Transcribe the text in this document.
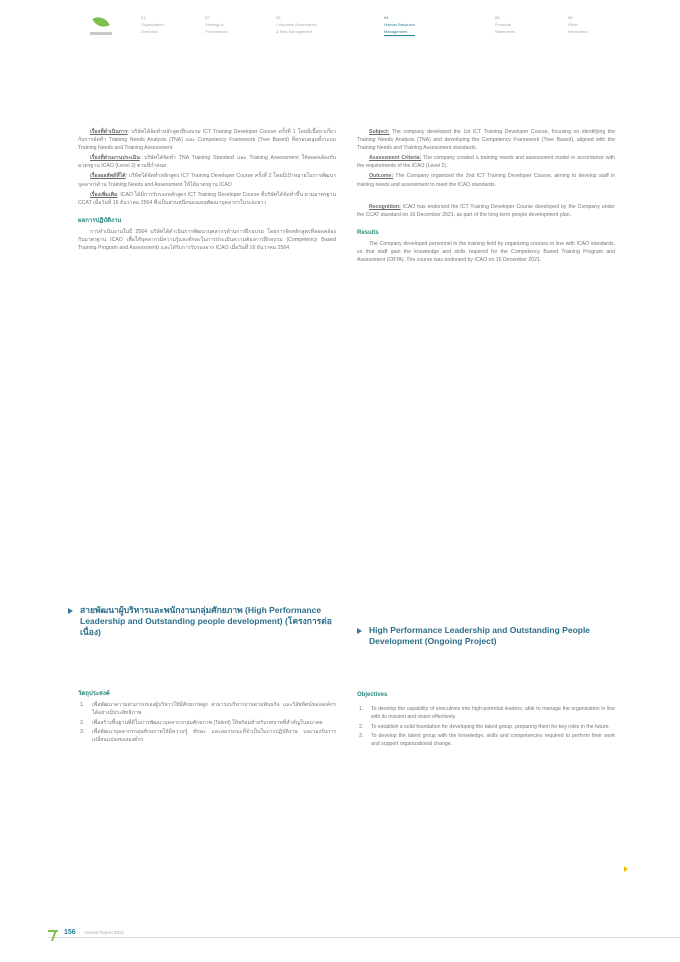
01
Organization
Overview
02
Strategy &
Performance
03
Corporate Governance
& Risk Management
04
Human Resource
Management
05
Financial
Statements
06
Other
Information

เรื่องที่ดำเนินการ: บริษัทได้จัดทำหลักสูตรฝึกอบรม ICT Training Developer Course ครั้งที่ 1 โดยมีเนื้อหาเกี่ยวกับการจัดทำ Training Needs Analysis (TNA) และ Competency Framework (Tree Based) ที่ครอบคลุมทั้งระบบ Training Needs and Training Assessment

เรื่องที่ส่วนงานประเมิน: บริษัทได้จัดทำ TNA Training Standard และ Training Assessment ให้สอดคล้องกับมาตรฐาน ICAO (Level 2) ตามที่กำหนด

เรื่องผลลัพธ์ที่ได้: บริษัทได้จัดทำหลักสูตร ICT Training Developer Course ครั้งที่ 2 โดยมีเป้าหมายในการพัฒนาบุคลากรด้าน Training Needs and Assessment ให้ได้มาตรฐาน ICAO

เรื่องเพิ่มเติม: ICAO ได้มีการรับรองหลักสูตร ICT Training Developer Course ที่บริษัทได้จัดทำขึ้น ตามมาตรฐาน CCAT เมื่อวันที่ 16 ธันวาคม 2564 ซึ่งเป็นส่วนหนึ่งของแผนพัฒนาบุคลากรในระยะยาว

ผลการปฏิบัติงาน

การดำเนินงานในปี 2564 บริษัทได้ดำเนินการพัฒนาบุคลากรด้านการฝึกอบรม โดยการจัดหลักสูตรที่สอดคล้องกับมาตรฐาน ICAO เพื่อให้บุคลากรมีความรู้และทักษะในการประเมินความต้องการฝึกอบรม (Competency Based Training Program and Assessment) และได้รับการรับรองจาก ICAO เมื่อวันที่ 16 ธันวาคม 2564

Subject: The company developed the 1st ICT Training Developer Course, focusing on identifying the Training Needs Analysis (TNA) and developing the Competency Framework (Tree Based), aligned with the Training Needs and Training Assessment standards.

Assessment Criteria: The company created a training needs and assessment model in accordance with the requirements of the ICAO (Level 2).

Outcome: The Company organized the 2nd ICT Training Developer Course, aiming to develop staff in training needs and assessment to meet the ICAO standards.

Recognition: ICAO has endorsed the ICT Training Developer Course developed by the Company under the CCAT standard on 16 December 2021, as part of the long-term people development plan.

Results

The Company developed personnel in the training field by organizing courses in line with ICAO standards, so that staff gain the knowledge and skills required for the Competency Based Training Program and Assessment (CBTA). The course was endorsed by ICAO on 16 December 2021.

สายพัฒนาผู้บริหารและพนักงานกลุ่มศักยภาพ (High Performance Leadership and Outstanding people development) (โครงการต่อเนื่อง)	High Performance Leadership and Outstanding People Development (Ongoing Project)
วัตถุประสงค์
1. เพื่อพัฒนาความสามารถของผู้บริหารให้มีศักยภาพสูง สามารถบริหารงานตามพันธกิจ และวิสัยทัศน์ขององค์กรได้อย่างมีประสิทธิภาพ
2. เพื่อสร้างพื้นฐานที่ดีในการพัฒนาบุคลากรกลุ่มศักยภาพ (Talent) ให้พร้อมสำหรับบทบาทที่สำคัญในอนาคต
3. เพื่อพัฒนาบุคลากรกลุ่มศักยภาพให้มีความรู้ ทักษะ และสมรรถนะที่จำเป็นในการปฏิบัติงาน และรองรับการเปลี่ยนแปลงขององค์กร
Objectives
1. To develop the capability of executives into high-potential leaders, able to manage the organization in line with its mission and vision effectively.
2. To establish a solid foundation for developing the talent group, preparing them for key roles in the future.
3. To develop the talent group with the knowledge, skills and competencies required to perform their work and support organizational change.
156 Annual Report 2021
